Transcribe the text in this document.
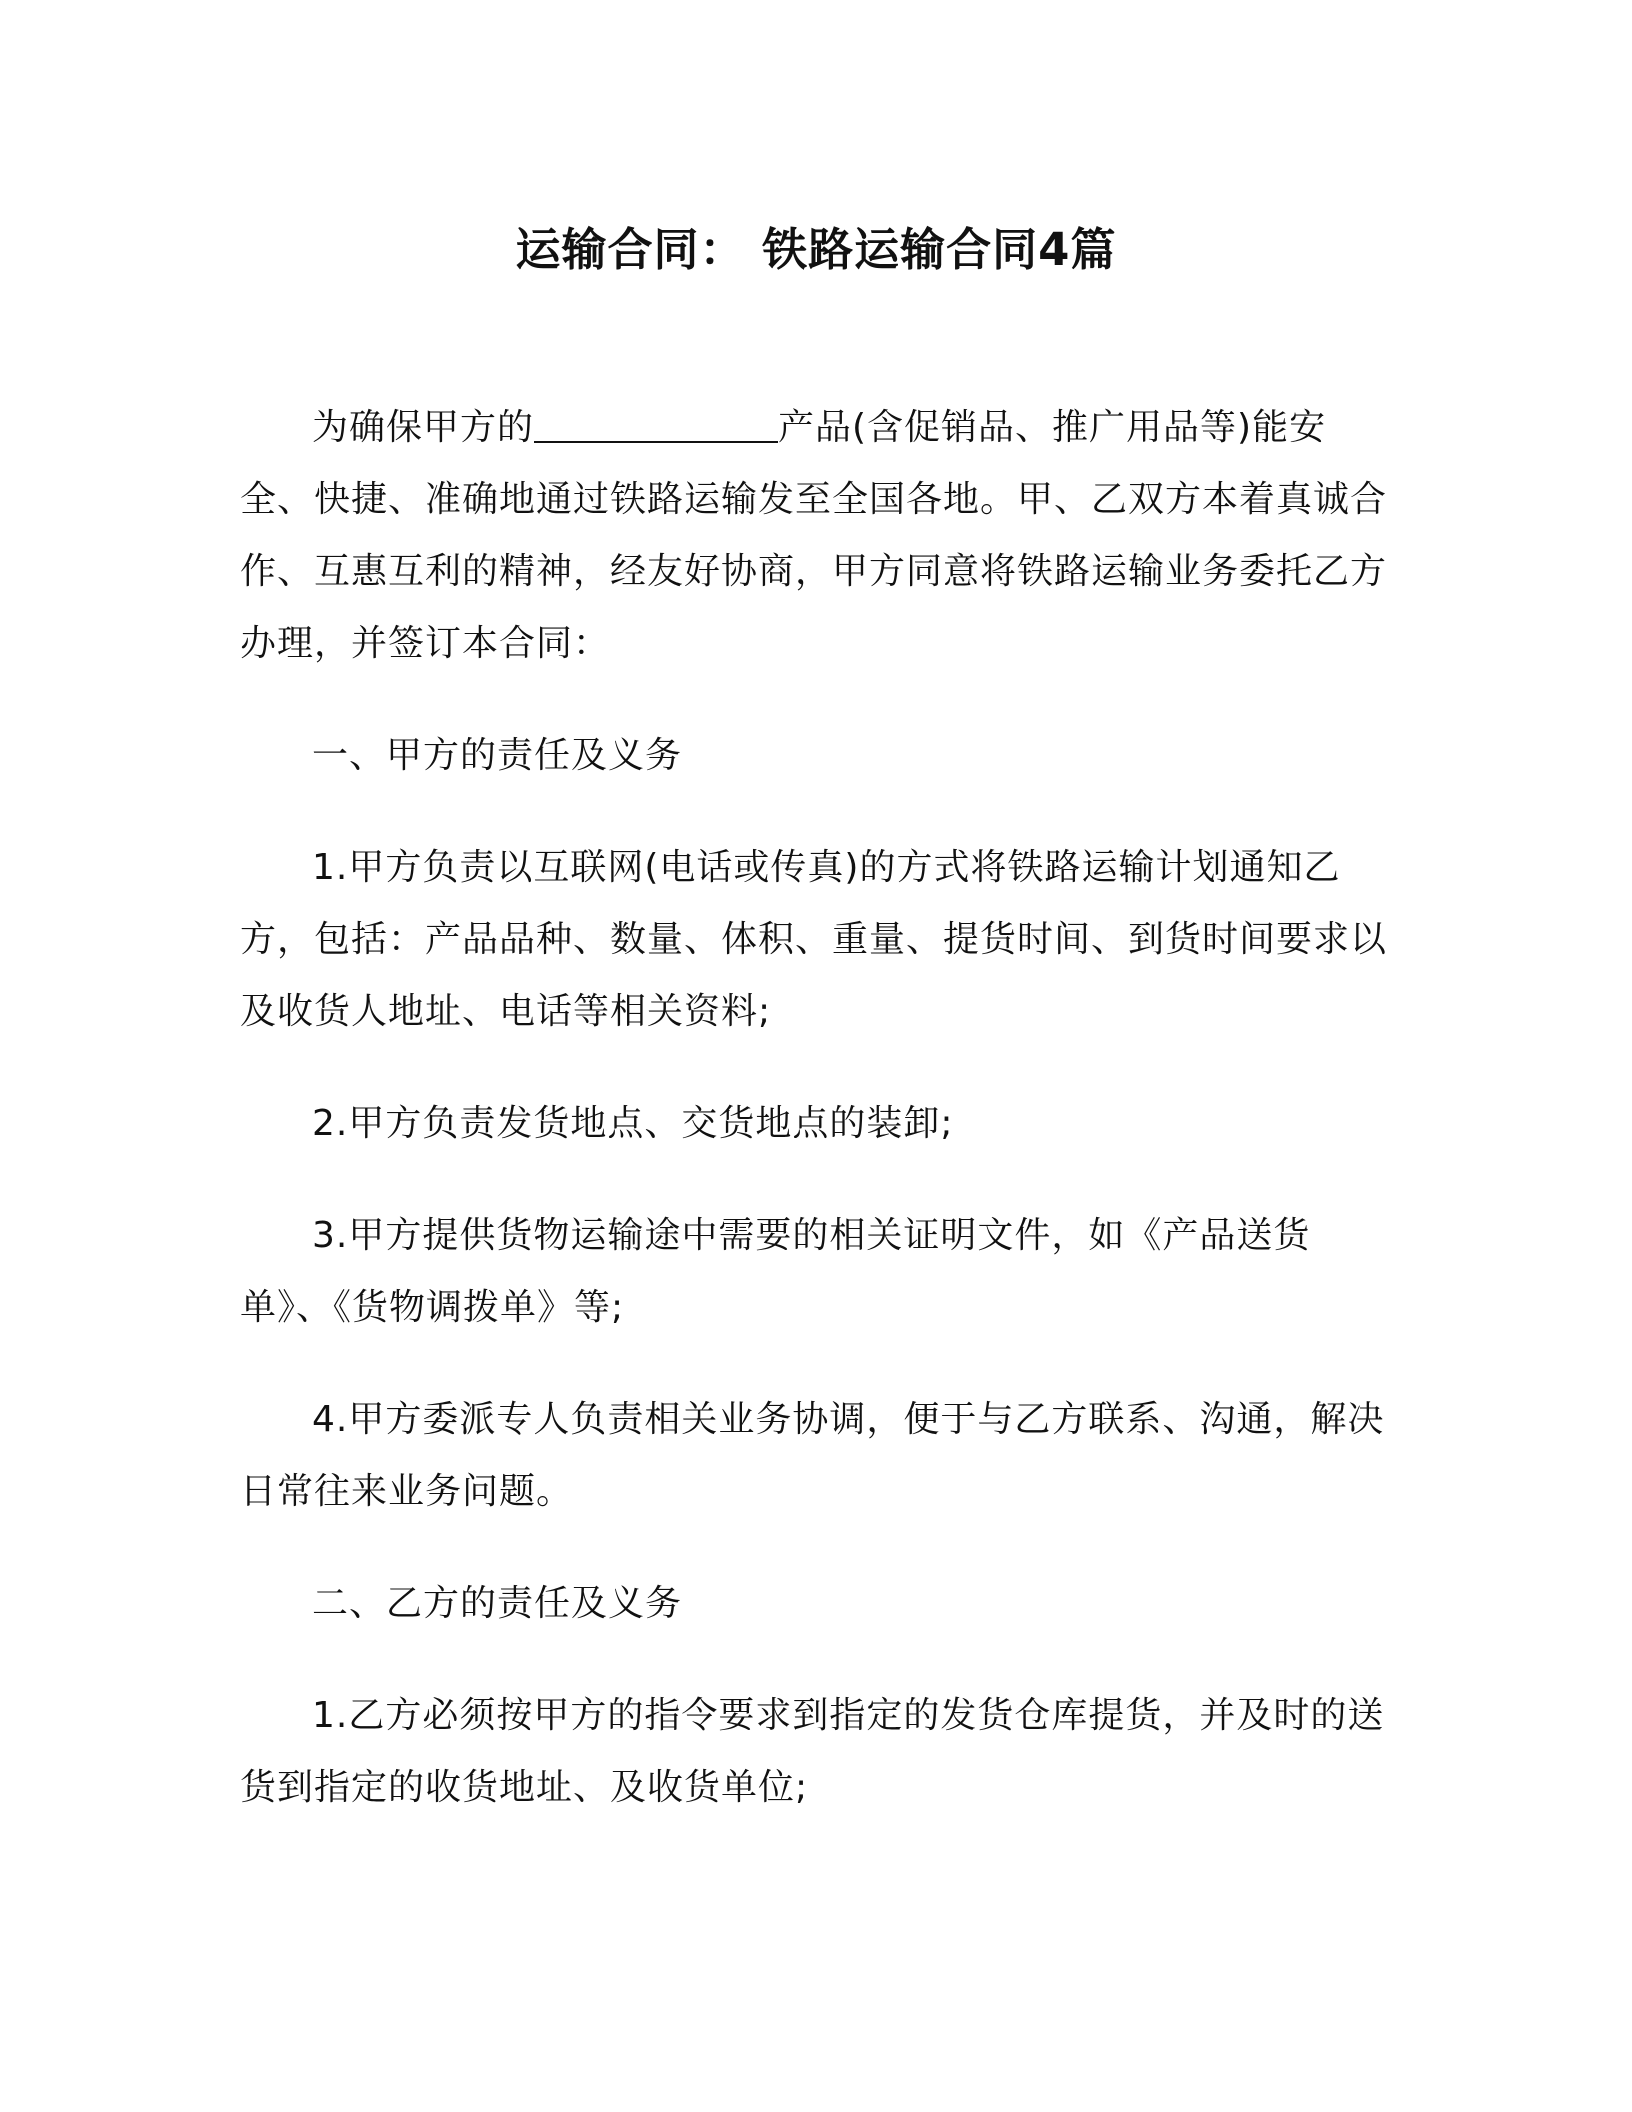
运输合同： 铁路运输合同4篇

为确保甲方的	产品(含促销品、推广用品等)能安全、快捷、准确地通过铁路运输发至全国各地。甲、乙双方本着真诚合作、互惠互利的精神，经友好协商，甲方同意将铁路运输业务委托乙方办理，并签订本合同：

一、甲方的责任及义务

1.甲方负责以互联网(电话或传真)的方式将铁路运输计划通知乙方，包括：产品品种、数量、体积、重量、提货时间、到货时间要求以及收货人地址、电话等相关资料;

2.甲方负责发货地点、交货地点的装卸;

3.甲方提供货物运输途中需要的相关证明文件，如《产品送货单》、《货物调拨单》等;

4.甲方委派专人负责相关业务协调，便于与乙方联系、沟通，解决日常往来业务问题。

二、乙方的责任及义务

1.乙方必须按甲方的指令要求到指定的发货仓库提货，并及时的送货到指定的收货地址、及收货单位;
